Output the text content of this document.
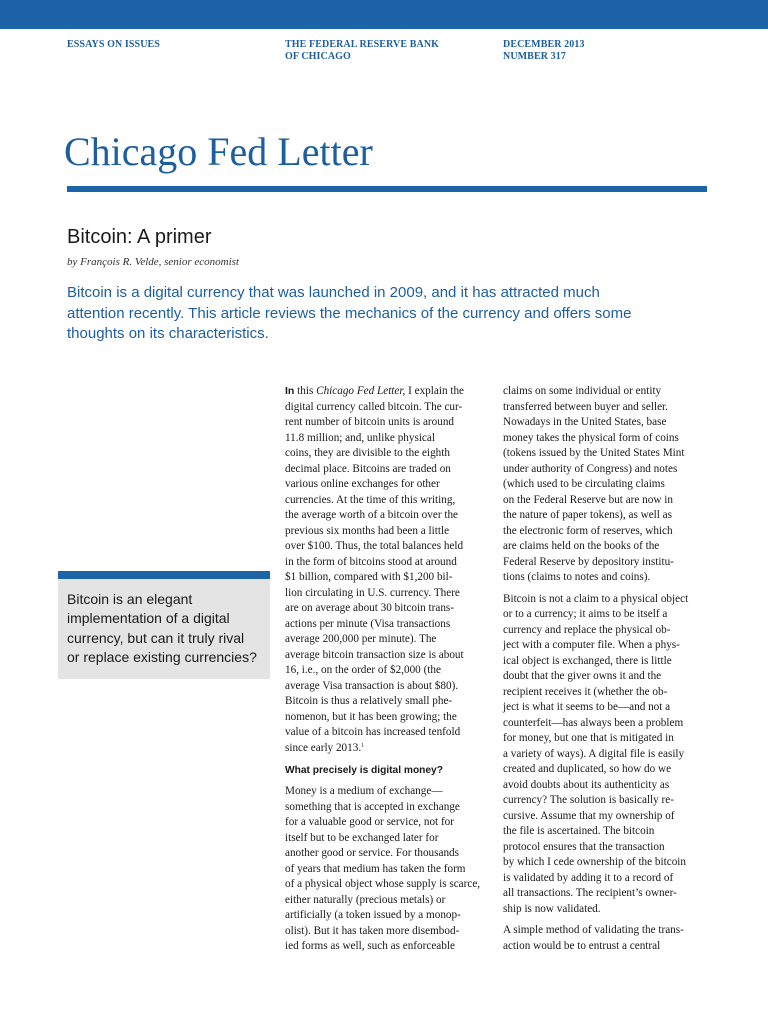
ESSAYS ON ISSUES	THE FEDERAL RESERVE BANK
OF CHICAGO
DECEMBER 2013
NUMBER 317
Chicago Fed Letter
Bitcoin: A primer
by François R. Velde, senior economist
Bitcoin is a digital currency that was launched in 2009, and it has attracted much
attention recently. This article reviews the mechanics of the currency and offers some
thoughts on its characteristics.
Bitcoin is an elegant
implementation of a digital
currency, but can it truly rival
or replace existing currencies?
In this Chicago Fed Letter, I explain the
digital currency called bitcoin. The cur-
rent number of bitcoin units is around
11.8 million; and, unlike physical
coins, they are divisible to the eighth
decimal place. Bitcoins are traded on
various online exchanges for other
currencies. At the time of this writing,
the average worth of a bitcoin over the
previous six months had been a little
over $100. Thus, the total balances held
in the form of bitcoins stood at around
$1 billion, compared with $1,200 bil-
lion circulating in U.S. currency. There
are on average about 30 bitcoin trans-
actions per minute (Visa transactions
average 200,000 per minute). The
average bitcoin transaction size is about
16, i.e., on the order of $2,000 (the
average Visa transaction is about $80).
Bitcoin is thus a relatively small phe-
nomenon, but it has been growing; the
value of a bitcoin has increased tenfold
since early 2013.$^1$
What precisely is digital money?
Money is a medium of exchange—
something that is accepted in exchange
for a valuable good or service, not for
itself but to be exchanged later for
another good or service. For thousands
of years that medium has taken the form
of a physical object whose supply is scarce,
either naturally (precious metals) or
artificially (a token issued by a monop-
olist). But it has taken more disembod-
ied forms as well, such as enforceable
claims on some individual or entity
transferred between buyer and seller.
Nowadays in the United States, base
money takes the physical form of coins
(tokens issued by the United States Mint
under authority of Congress) and notes
(which used to be circulating claims
on the Federal Reserve but are now in
the nature of paper tokens), as well as
the electronic form of reserves, which
are claims held on the books of the
Federal Reserve by depository institu-
tions (claims to notes and coins).
Bitcoin is not a claim to a physical object
or to a currency; it aims to be itself a
currency and replace the physical ob-
ject with a computer file. When a phys-
ical object is exchanged, there is little
doubt that the giver owns it and the
recipient receives it (whether the ob-
ject is what it seems to be—and not a
counterfeit—has always been a problem
for money, but one that is mitigated in
a variety of ways). A digital file is easily
created and duplicated, so how do we
avoid doubts about its authenticity as
currency? The solution is basically re-
cursive. Assume that my ownership of
the file is ascertained. The bitcoin
protocol ensures that the transaction
by which I cede ownership of the bitcoin
is validated by adding it to a record of
all transactions. The recipient’s owner-
ship is now validated.
A simple method of validating the trans-
action would be to entrust a central
